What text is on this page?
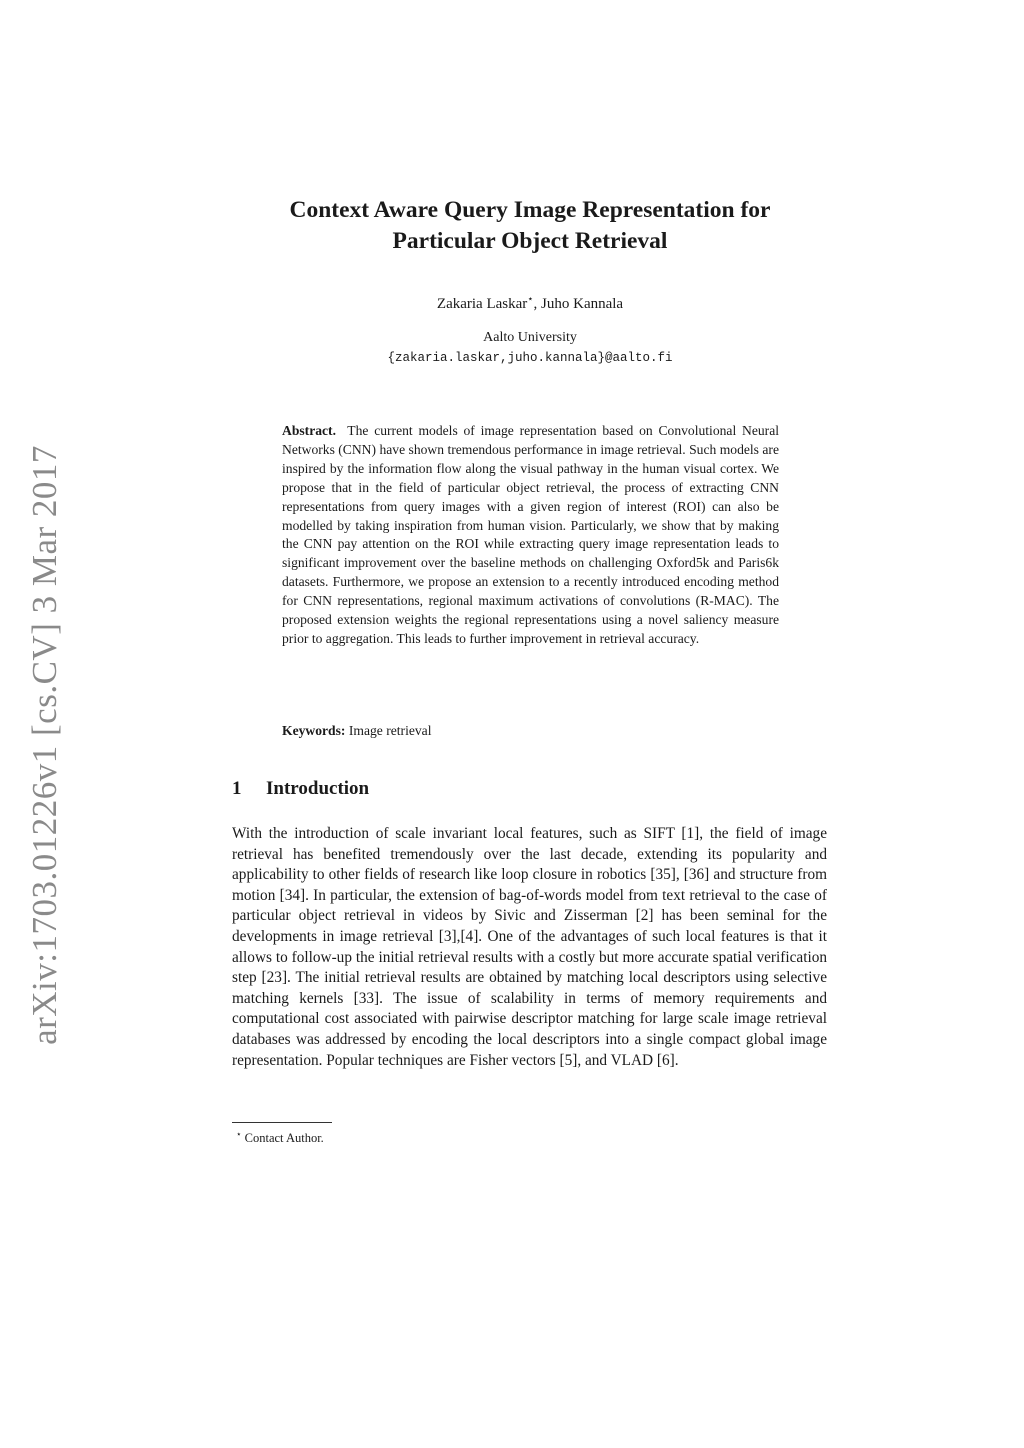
arXiv:1703.01226v1 [cs.CV] 3 Mar 2017
Context Aware Query Image Representation for
Particular Object Retrieval
Zakaria Laskar⋆, Juho Kannala
Aalto University
{zakaria.laskar,juho.kannala}@aalto.fi
Abstract. The current models of image representation based on Convolutional Neural Networks (CNN) have shown tremendous performance in image retrieval. Such models are inspired by the information flow along the visual pathway in the human visual cortex. We propose that in the field of particular object retrieval, the process of extracting CNN representations from query images with a given region of interest (ROI) can also be modelled by taking inspiration from human vision. Particularly, we show that by making the CNN pay attention on the ROI while extracting query image representation leads to significant improvement over the baseline methods on challenging Oxford5k and Paris6k datasets. Furthermore, we propose an extension to a recently introduced encoding method for CNN representations, regional maximum activations of convolutions (R-MAC). The proposed extension weights the regional representations using a novel saliency measure prior to aggregation. This leads to further improvement in retrieval accuracy.
Keywords: Image retrieval
1 Introduction
With the introduction of scale invariant local features, such as SIFT [1], the field of image retrieval has benefited tremendously over the last decade, extending its popularity and applicability to other fields of research like loop closure in robotics [35], [36] and structure from motion [34]. In particular, the extension of bag-of-words model from text retrieval to the case of particular object retrieval in videos by Sivic and Zisserman [2] has been seminal for the developments in image retrieval [3],[4]. One of the advantages of such local features is that it allows to follow-up the initial retrieval results with a costly but more accurate spatial verification step [23]. The initial retrieval results are obtained by matching local descriptors using selective matching kernels [33]. The issue of scalability in terms of memory requirements and computational cost associated with pairwise descriptor matching for large scale image retrieval databases was addressed by encoding the local descriptors into a single compact global image representation. Popular techniques are Fisher vectors [5], and VLAD [6].
⋆ Contact Author.
